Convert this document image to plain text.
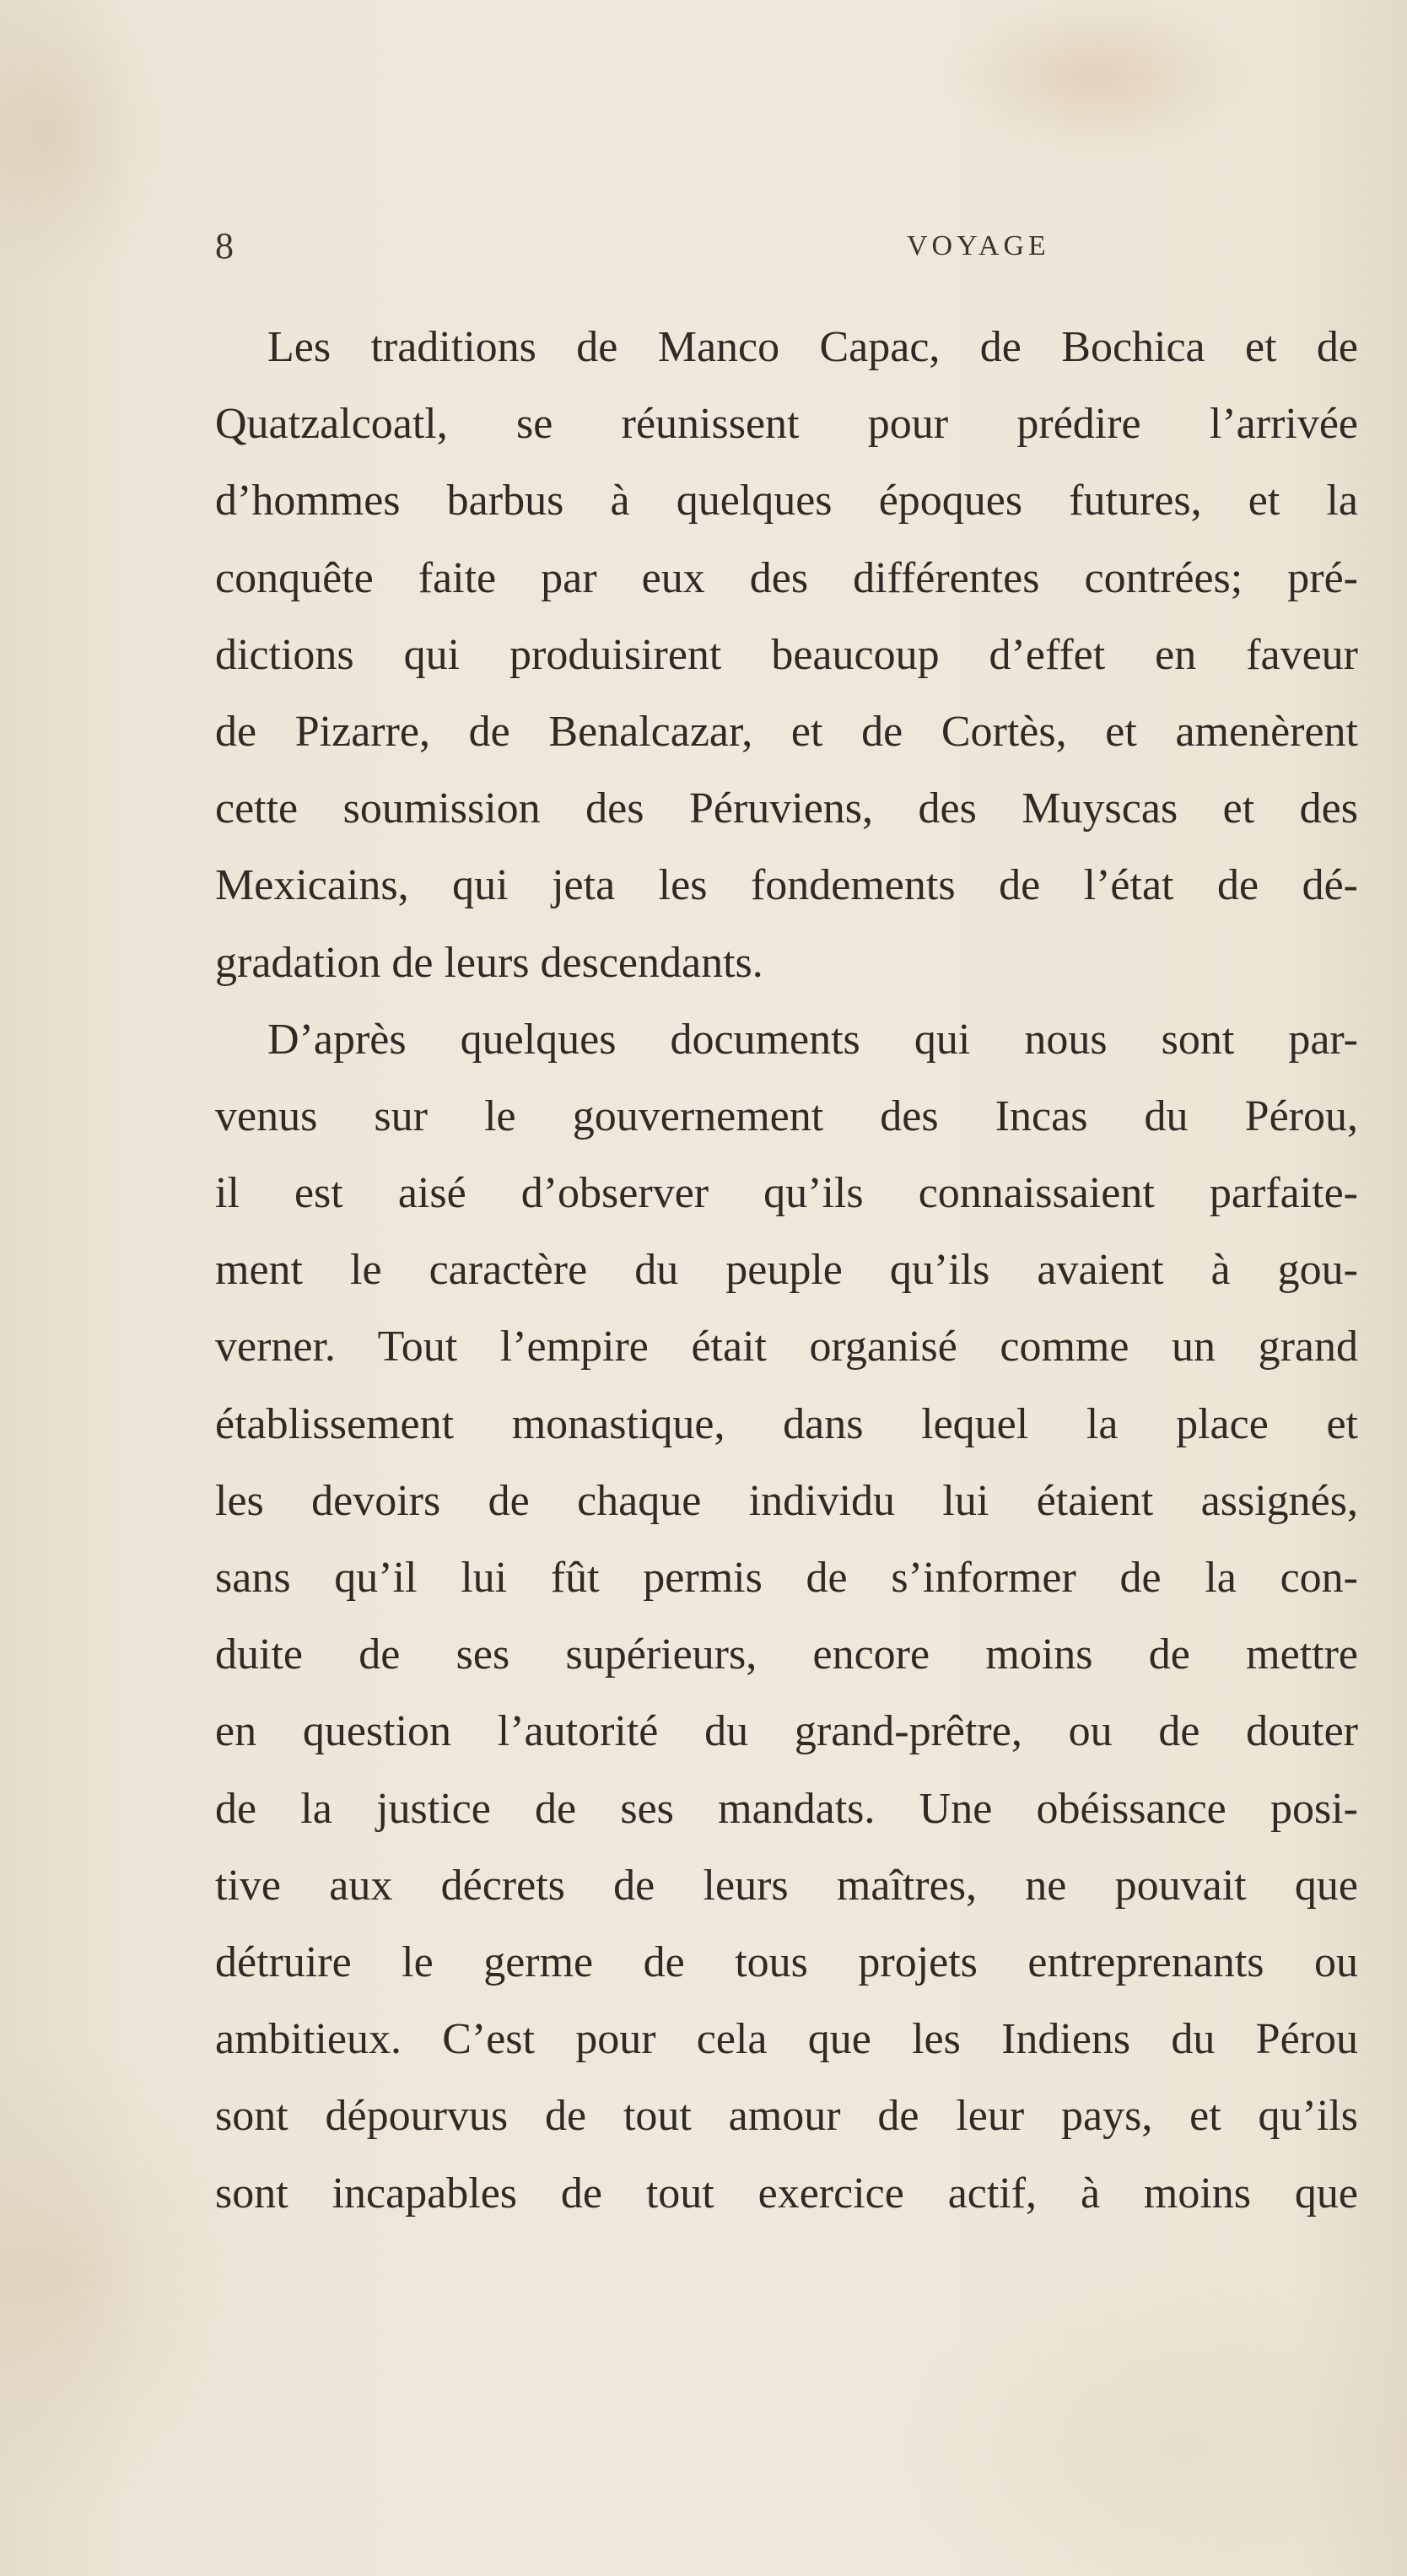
8	VOYAGE
Les traditions de Manco Capac, de Bochica et de
Quatzalcoatl, se réunissent pour prédire l’arrivée
d’hommes barbus à quelques époques futures, et la
conquête faite par eux des différentes contrées; pré-
dictions qui produisirent beaucoup d’effet en faveur
de Pizarre, de Benalcazar, et de Cortès, et amenèrent
cette soumission des Péruviens, des Muyscas et des
Mexicains, qui jeta les fondements de l’état de dé-
gradation de leurs descendants.
D’après quelques documents qui nous sont par-
venus sur le gouvernement des Incas du Pérou,
il est aisé d’observer qu’ils connaissaient parfaite-
ment le caractère du peuple qu’ils avaient à gou-
verner. Tout l’empire était organisé comme un grand
établissement monastique, dans lequel la place et
les devoirs de chaque individu lui étaient assignés,
sans qu’il lui fût permis de s’informer de la con-
duite de ses supérieurs, encore moins de mettre
en question l’autorité du grand-prêtre, ou de douter
de la justice de ses mandats. Une obéissance posi-
tive aux décrets de leurs maîtres, ne pouvait que
détruire le germe de tous projets entreprenants ou
ambitieux. C’est pour cela que les Indiens du Pérou
sont dépourvus de tout amour de leur pays, et qu’ils
sont incapables de tout exercice actif, à moins que
